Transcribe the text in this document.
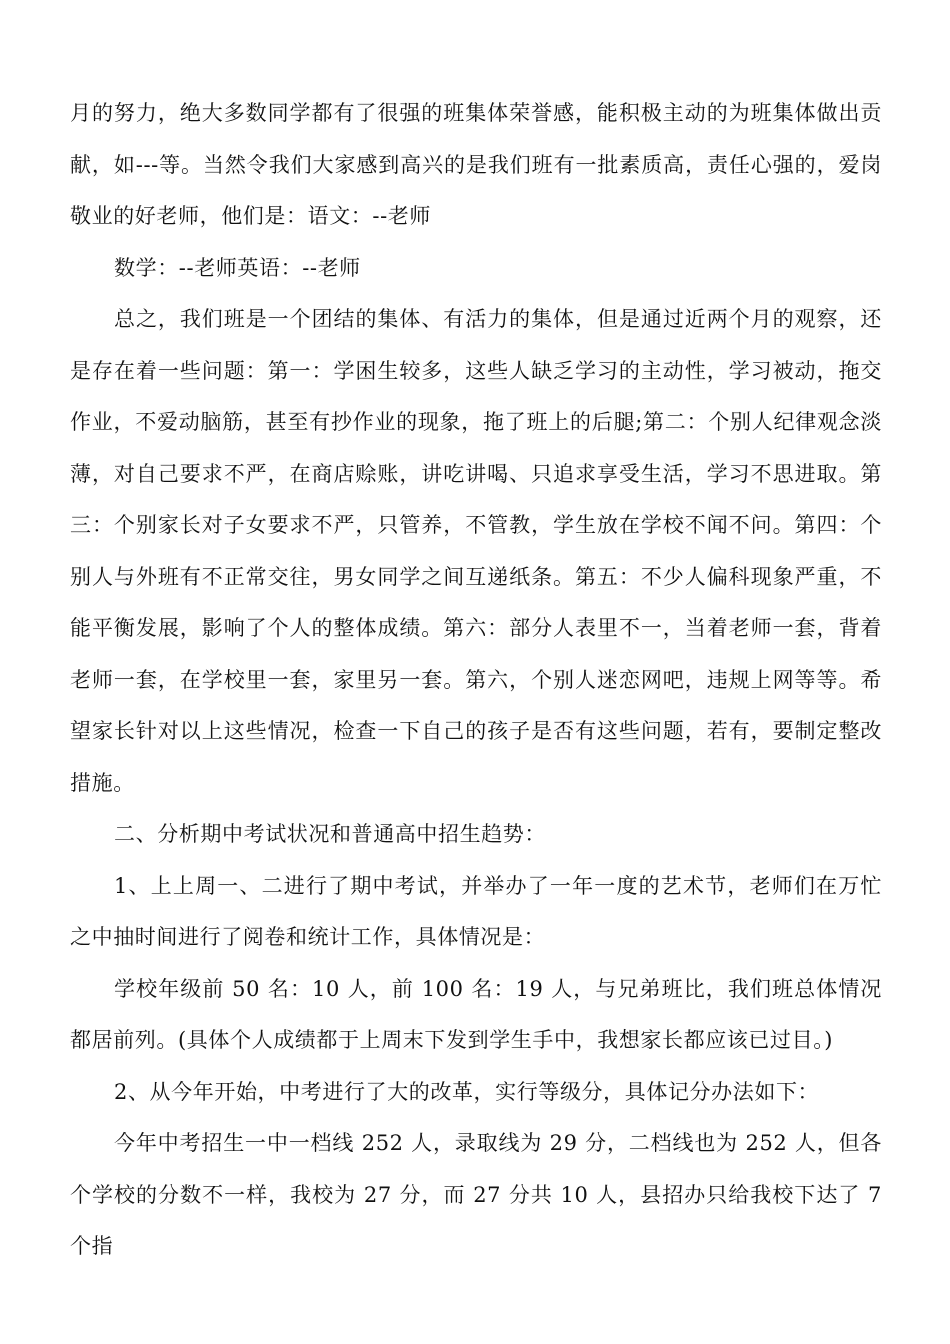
月的努力，绝大多数同学都有了很强的班集体荣誉感，能积极主动的为班集体做出贡献，如---等。当然令我们大家感到高兴的是我们班有一批素质高，责任心强的，爱岗敬业的好老师，他们是：语文：--老师

数学：--老师英语：--老师

总之，我们班是一个团结的集体、有活力的集体，但是通过近两个月的观察，还是存在着一些问题：第一：学困生较多，这些人缺乏学习的主动性，学习被动，拖交作业，不爱动脑筋，甚至有抄作业的现象，拖了班上的后腿;第二：个别人纪律观念淡薄，对自己要求不严，在商店赊账，讲吃讲喝、只追求享受生活，学习不思进取。第三：个别家长对子女要求不严，只管养，不管教，学生放在学校不闻不问。第四：个别人与外班有不正常交往，男女同学之间互递纸条。第五：不少人偏科现象严重，不能平衡发展，影响了个人的整体成绩。第六：部分人表里不一，当着老师一套，背着老师一套，在学校里一套，家里另一套。第六，个别人迷恋网吧，违规上网等等。希望家长针对以上这些情况，检查一下自己的孩子是否有这些问题，若有，要制定整改措施。

二、分析期中考试状况和普通高中招生趋势：

1、上上周一、二进行了期中考试，并举办了一年一度的艺术节，老师们在万忙之中抽时间进行了阅卷和统计工作，具体情况是：

学校年级前 50 名：10 人，前 100 名：19 人，与兄弟班比，我们班总体情况都居前列。(具体个人成绩都于上周末下发到学生手中，我想家长都应该已过目。)

2、从今年开始，中考进行了大的改革，实行等级分，具体记分办法如下：

今年中考招生一中一档线 252 人，录取线为 29 分，二档线也为 252 人，但各个学校的分数不一样，我校为 27 分，而 27 分共 10 人，县招办只给我校下达了 7 个指
